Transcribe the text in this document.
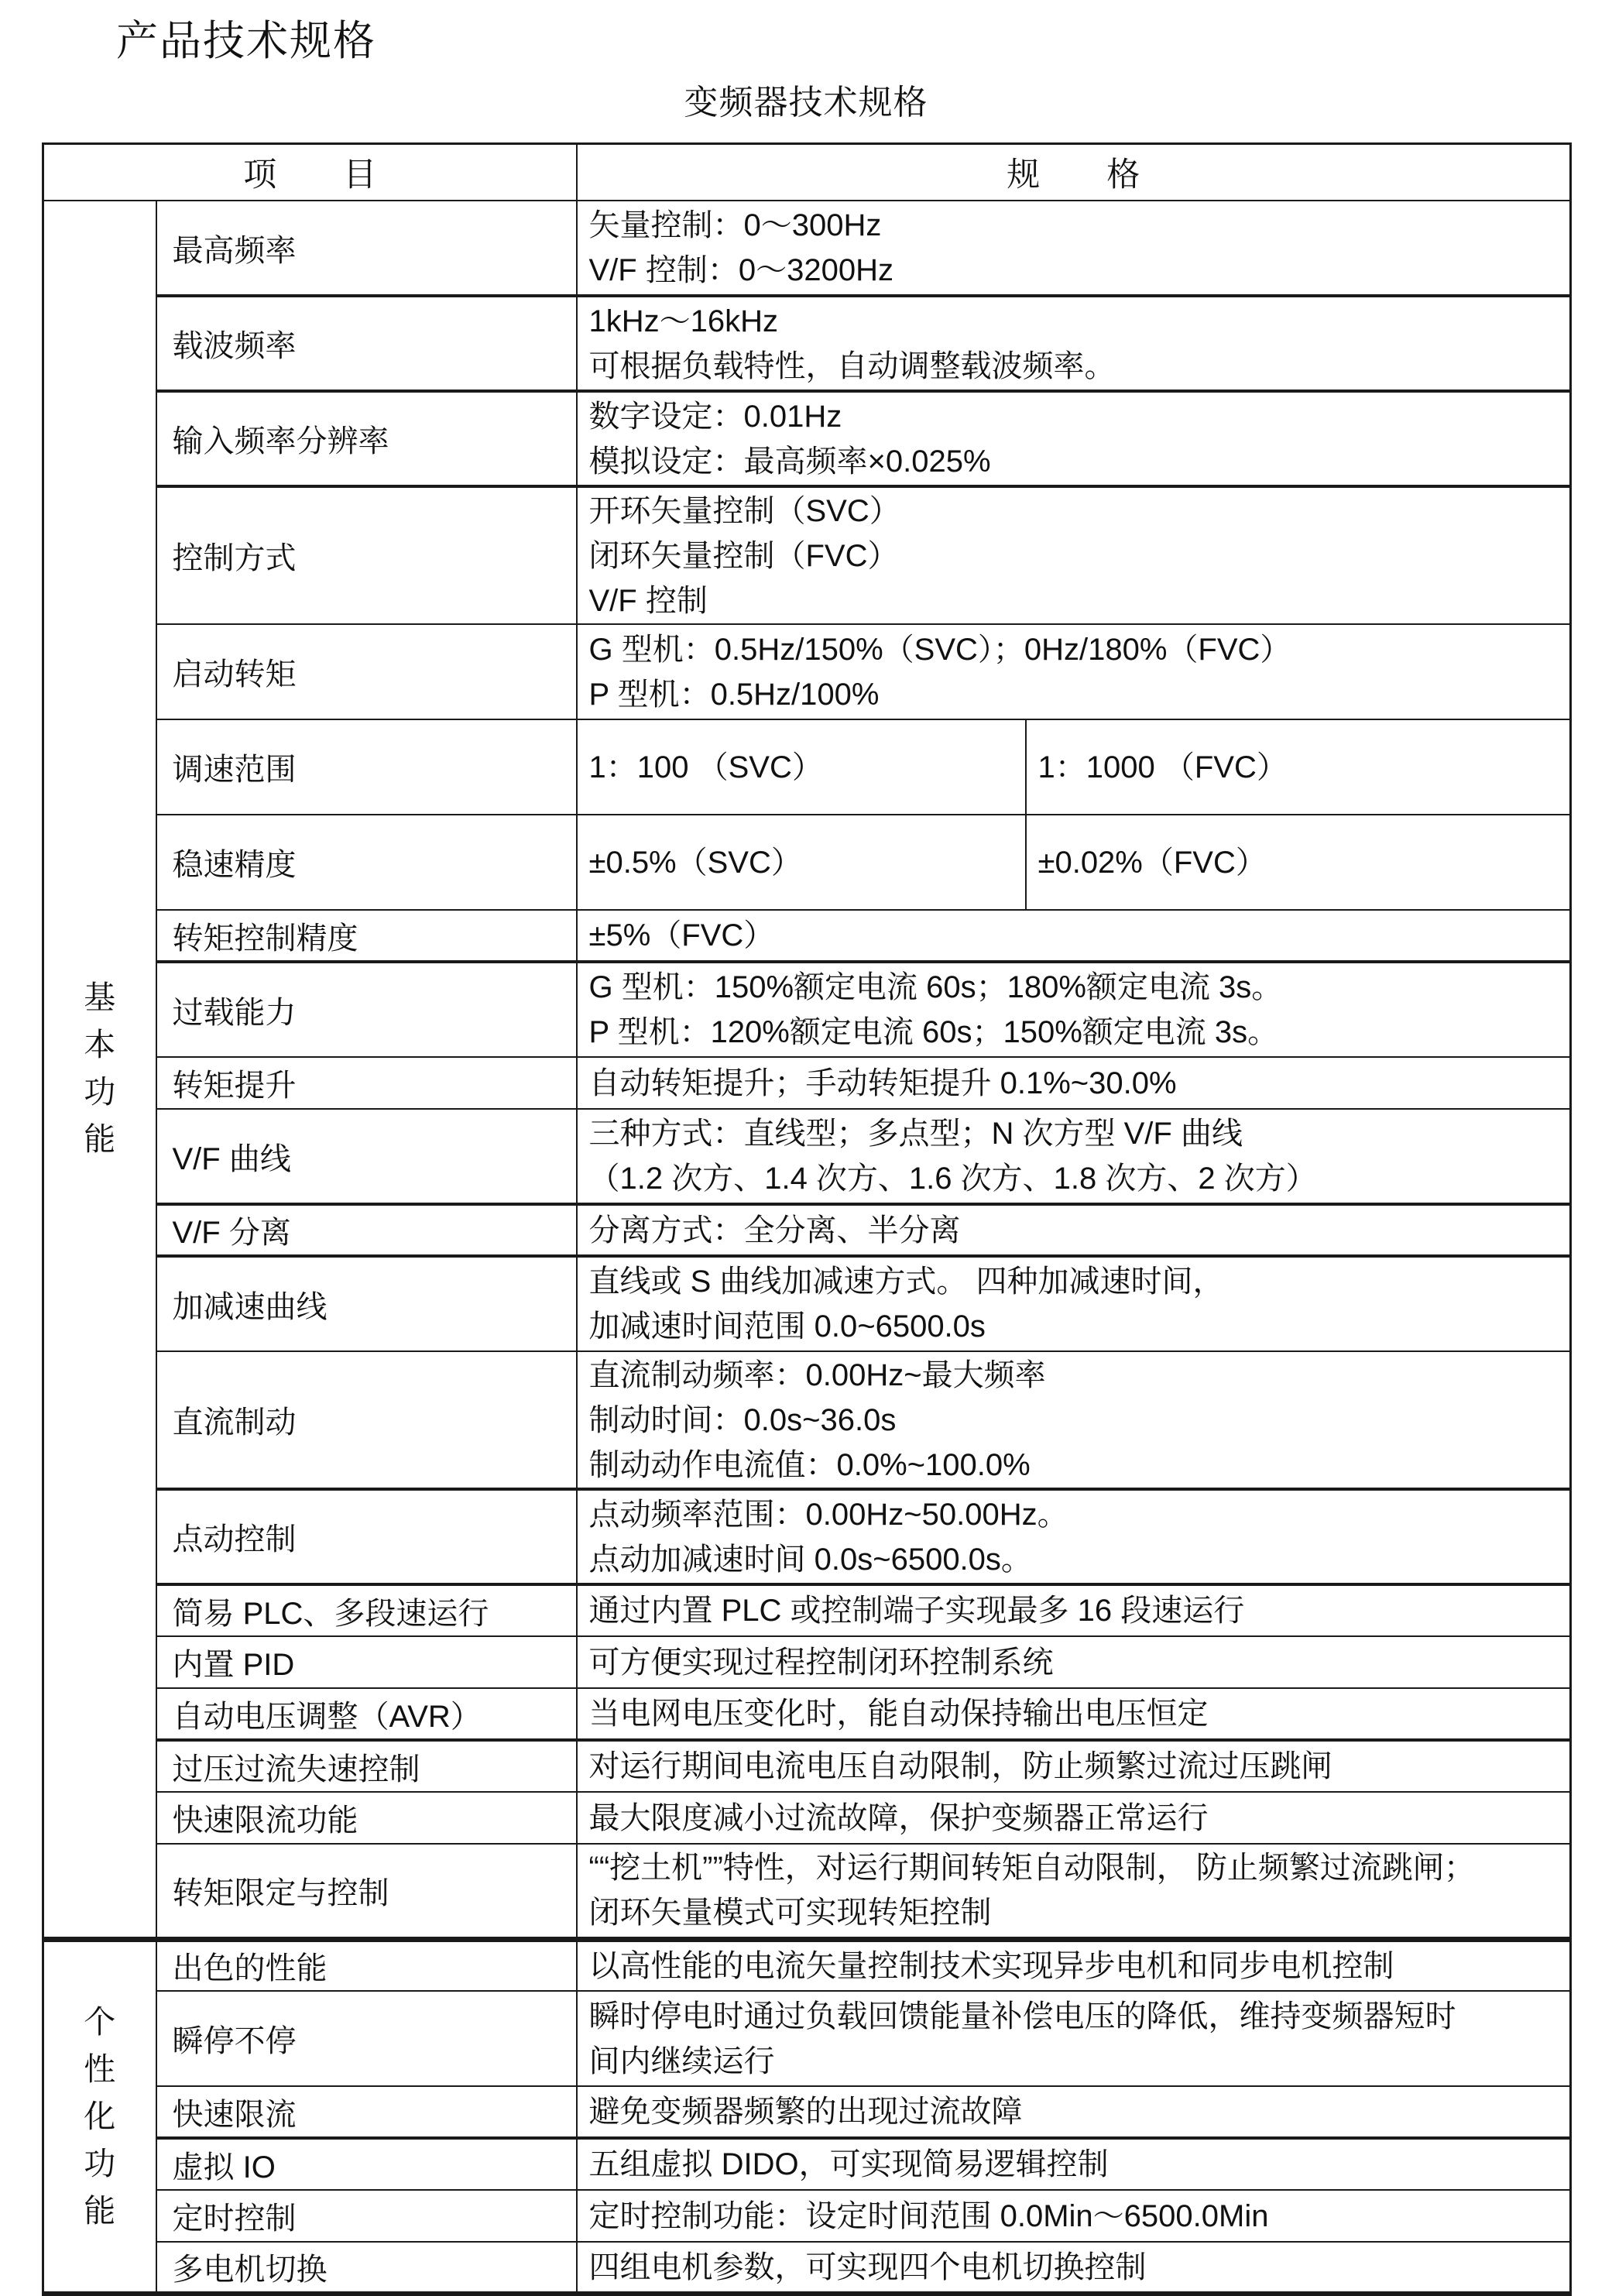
产品技术规格
变频器技术规格
项　　目		规　　格	

基
本
功
能
	最高频率	
矢量控制：0～300Hz
V/F 控制：0～3200Hz

	载波频率	1kHz～16kHz
可根据负载特性，自动调整载波频率。	

	输入频率分辨率	数字设定：0.01Hz
模拟设定：最高频率×0.025%	

	控制方式	开环矢量控制（SVC）
闭环矢量控制（FVC）
V/F 控制	

	启动转矩	G 型机：0.5Hz/150%（SVC）；0Hz/180%（FVC）
P 型机：0.5Hz/100%	

	调速范围	1：100 （SVC）	1：1000 （FVC）

	稳速精度	±0.5%（SVC）	±0.02%（FVC）

	转矩控制精度	±5%（FVC）	

	过载能力	G 型机：150%额定电流 60s；180%额定电流 3s。
P 型机：120%额定电流 60s；150%额定电流 3s。	

	转矩提升	自动转矩提升；手动转矩提升 0.1%~30.0%	

	V/F 曲线	三种方式：直线型；多点型；N 次方型 V/F 曲线
（1.2 次方、1.4 次方、1.6 次方、1.8 次方、2 次方）	

	V/F 分离	分离方式：全分离、半分离	

	加减速曲线	直线或 S 曲线加减速方式。 四种加减速时间，
加减速时间范围 0.0~6500.0s	

	直流制动	直流制动频率：0.00Hz~最大频率
制动时间：0.0s~36.0s
制动动作电流值：0.0%~100.0%	

	点动控制	点动频率范围：0.00Hz~50.00Hz。
点动加减速时间 0.0s~6500.0s。	

	简易 PLC、多段速运行	通过内置 PLC 或控制端子实现最多 16 段速运行	

	内置 PID	可方便实现过程控制闭环控制系统	

	自动电压调整（AVR）	当电网电压变化时，能自动保持输出电压恒定	

	过压过流失速控制	对运行期间电流电压自动限制，防止频繁过流过压跳闸	

	快速限流功能	最大限度减小过流故障，保护变频器正常运行	

	转矩限定与控制	““挖土机””特性，对运行期间转矩自动限制， 防止频繁过流跳闸；
闭环矢量模式可实现转矩控制	

个
性
化
功
能	出色的性能	以高性能的电流矢量控制技术实现异步电机和同步电机控制	

	瞬停不停	瞬时停电时通过负载回馈能量补偿电压的降低，维持变频器短时
间内继续运行	

	快速限流	避免变频器频繁的出现过流故障	

	虚拟 IO	五组虚拟 DIDO，可实现简易逻辑控制	

	定时控制	定时控制功能：设定时间范围 0.0Min～6500.0Min	

	多电机切换	四组电机参数，可实现四个电机切换控制	
